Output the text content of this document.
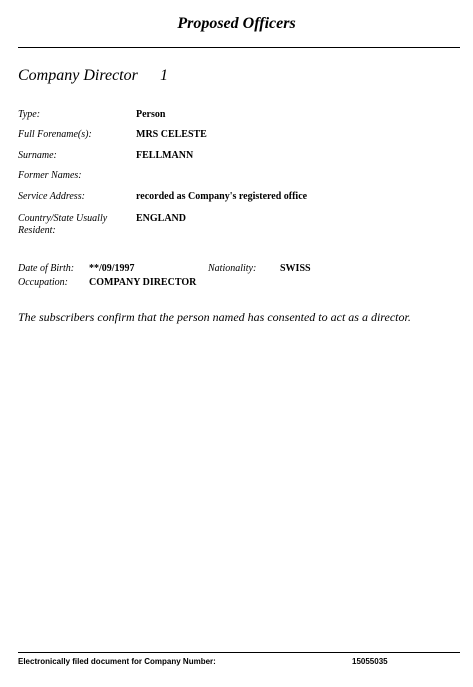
Proposed Officers
Company Director 1
Type:	Person
Full Forename(s):	MRS CELESTE
Surname:	FELLMANN
Former Names:
Service Address:	recorded as Company's registered office
Country/State Usually Resident:
ENGLAND
Date of Birth: **/09/1997	Nationality: SWISS
Occupation: COMPANY DIRECTOR
The subscribers confirm that the person named has consented to act as a director.
Electronically filed document for Company Number:	15055035
